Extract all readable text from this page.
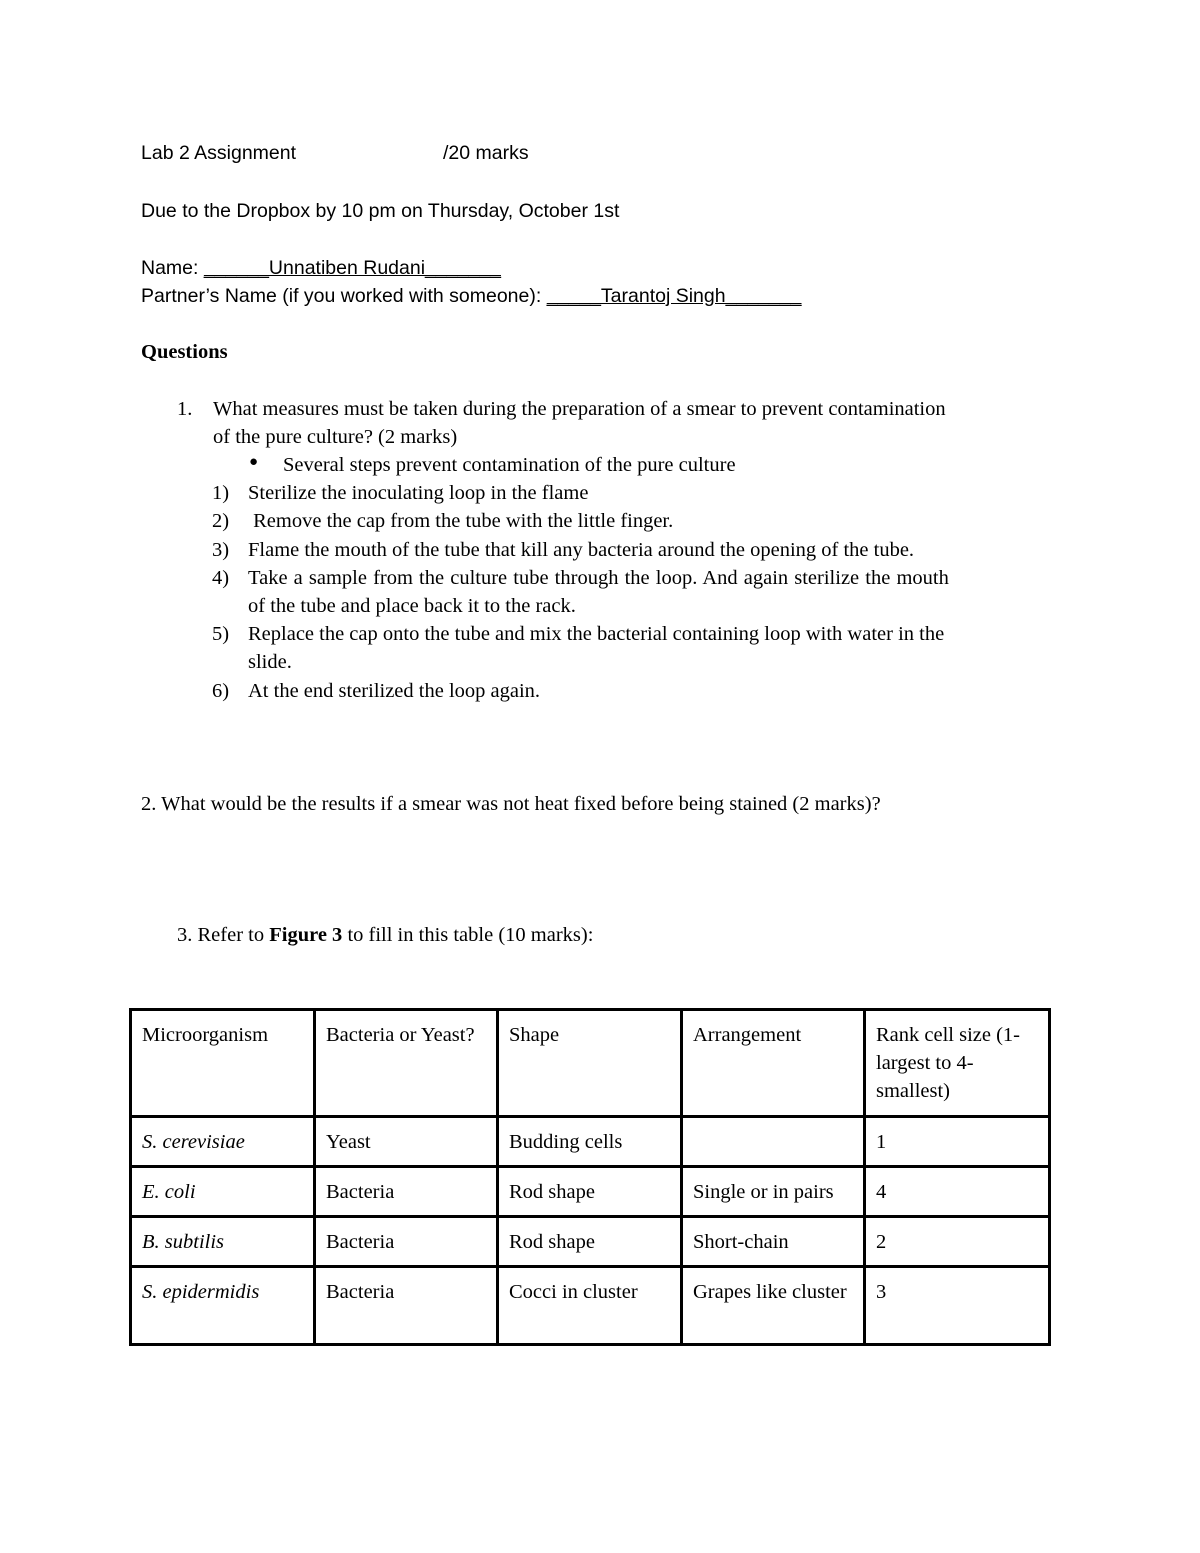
Lab 2 Assignment	/20 marks
Due to the Dropbox by 10 pm on Thursday, October 1st
Name: ______Unnatiben Rudani_______
Partner’s Name (if you worked with someone): _____Tarantoj Singh_______
Questions
1. What measures must be taken during the preparation of a smear to prevent contamination
of the pure culture? (2 marks)
● Several steps prevent contamination of the pure culture
1) Sterilize the inoculating loop in the flame
2) Remove the cap from the tube with the little finger.
3) Flame the mouth of the tube that kill any bacteria around the opening of the tube.
4) Take a sample from the culture tube through the loop. And again sterilize the mouth
of the tube and place back it to the rack.
5) Replace the cap onto the tube and mix the bacterial containing loop with water in the
slide.
6) At the end sterilized the loop again.
2. What would be the results if a smear was not heat fixed before being stained (2 marks)?
3. Refer to Figure 3 to fill in this table (10 marks):
Microorganism	Bacteria or Yeast?	Shape	Arrangement	Rank cell size (1-largest to 4-smallest)
S. cerevisiae	Yeast	Budding cells		1
E. coli	Bacteria	Rod shape	Single or in pairs	4
B. subtilis	Bacteria	Rod shape	Short-chain	2
S. epidermidis	Bacteria	Cocci in cluster	Grapes like cluster	3
